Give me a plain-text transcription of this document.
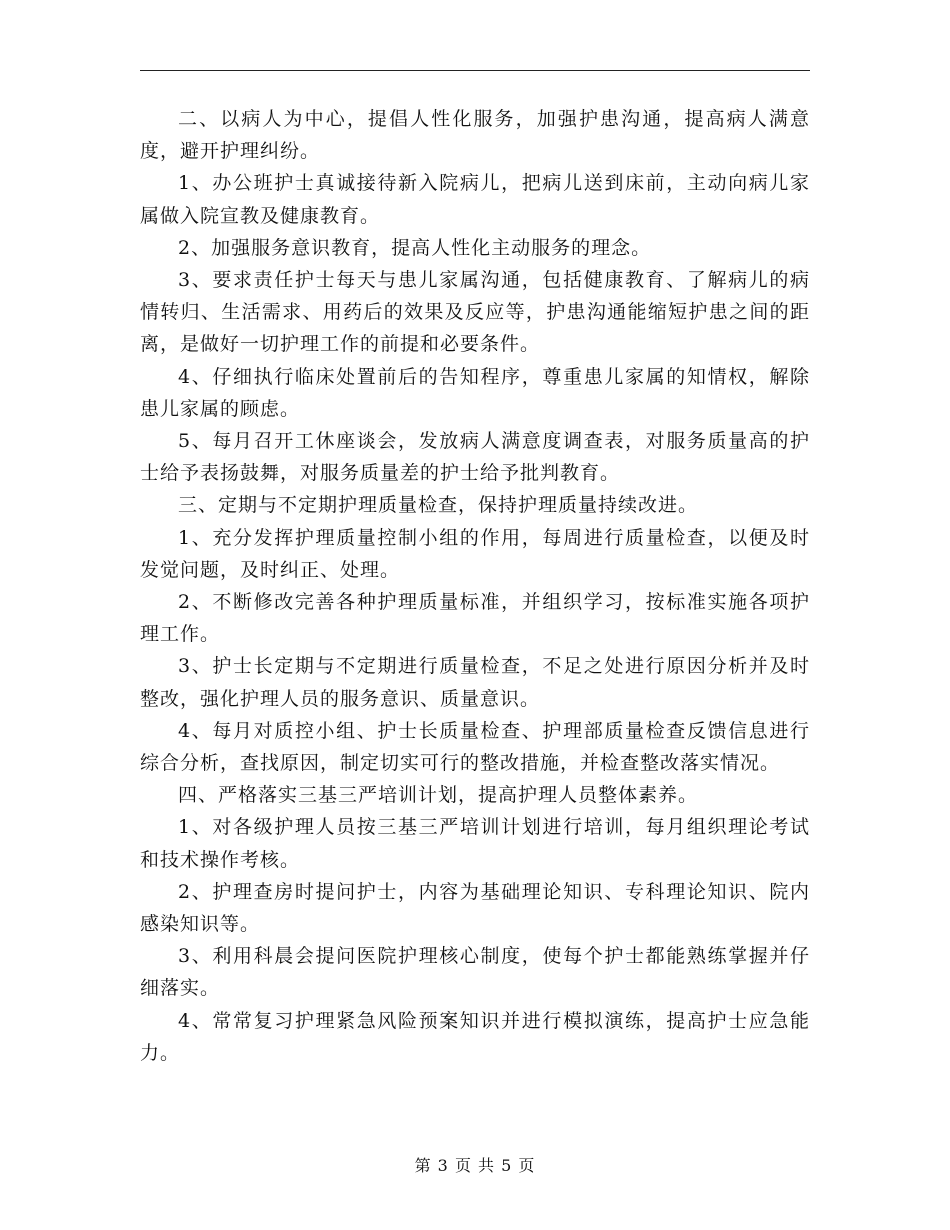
二、以病人为中心，提倡人性化服务，加强护患沟通，提高病人满意度，避开护理纠纷。

1、办公班护士真诚接待新入院病儿，把病儿送到床前，主动向病儿家属做入院宣教及健康教育。

2、加强服务意识教育，提高人性化主动服务的理念。

3、要求责任护士每天与患儿家属沟通，包括健康教育、了解病儿的病情转归、生活需求、用药后的效果及反应等，护患沟通能缩短护患之间的距离，是做好一切护理工作的前提和必要条件。

4、仔细执行临床处置前后的告知程序，尊重患儿家属的知情权，解除患儿家属的顾虑。

5、每月召开工休座谈会，发放病人满意度调查表，对服务质量高的护士给予表扬鼓舞，对服务质量差的护士给予批判教育。

三、定期与不定期护理质量检查，保持护理质量持续改进。

1、充分发挥护理质量控制小组的作用，每周进行质量检查，以便及时发觉问题，及时纠正、处理。

2、不断修改完善各种护理质量标准，并组织学习，按标准实施各项护理工作。

3、护士长定期与不定期进行质量检查，不足之处进行原因分析并及时整改，强化护理人员的服务意识、质量意识。

4、每月对质控小组、护士长质量检查、护理部质量检查反馈信息进行综合分析，查找原因，制定切实可行的整改措施，并检查整改落实情况。

四、严格落实三基三严培训计划，提高护理人员整体素养。

1、对各级护理人员按三基三严培训计划进行培训，每月组织理论考试和技术操作考核。

2、护理查房时提问护士，内容为基础理论知识、专科理论知识、院内感染知识等。

3、利用科晨会提问医院护理核心制度，使每个护士都能熟练掌握并仔细落实。

4、常常复习护理紧急风险预案知识并进行模拟演练，提高护士应急能力。

第 3 页 共 5 页
